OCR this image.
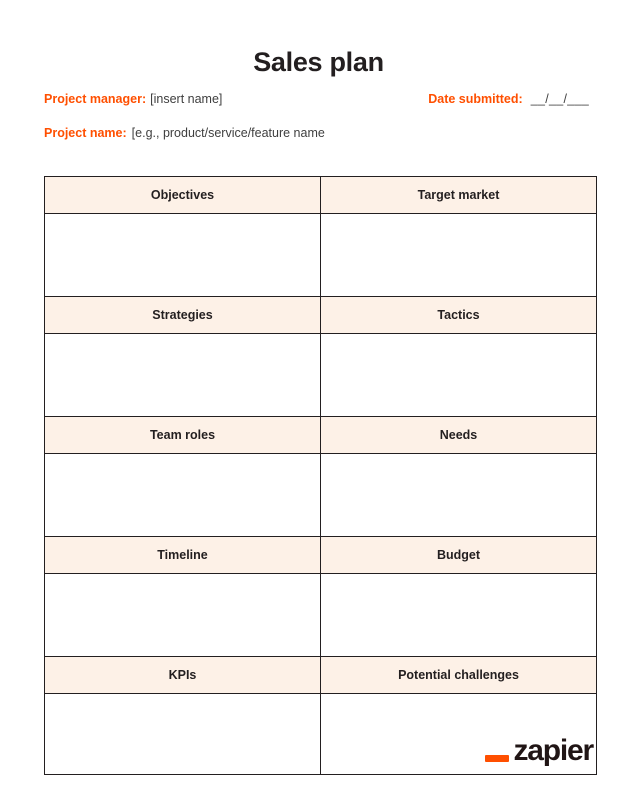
Sales plan
Project manager: [insert name]	Date submitted: __/__/___
Project name: [e.g., product/service/feature name
Objectives	Target market

Strategies	Tactics

Team roles	Needs

Timeline	Budget

KPIs	Potential challenges

zapier
